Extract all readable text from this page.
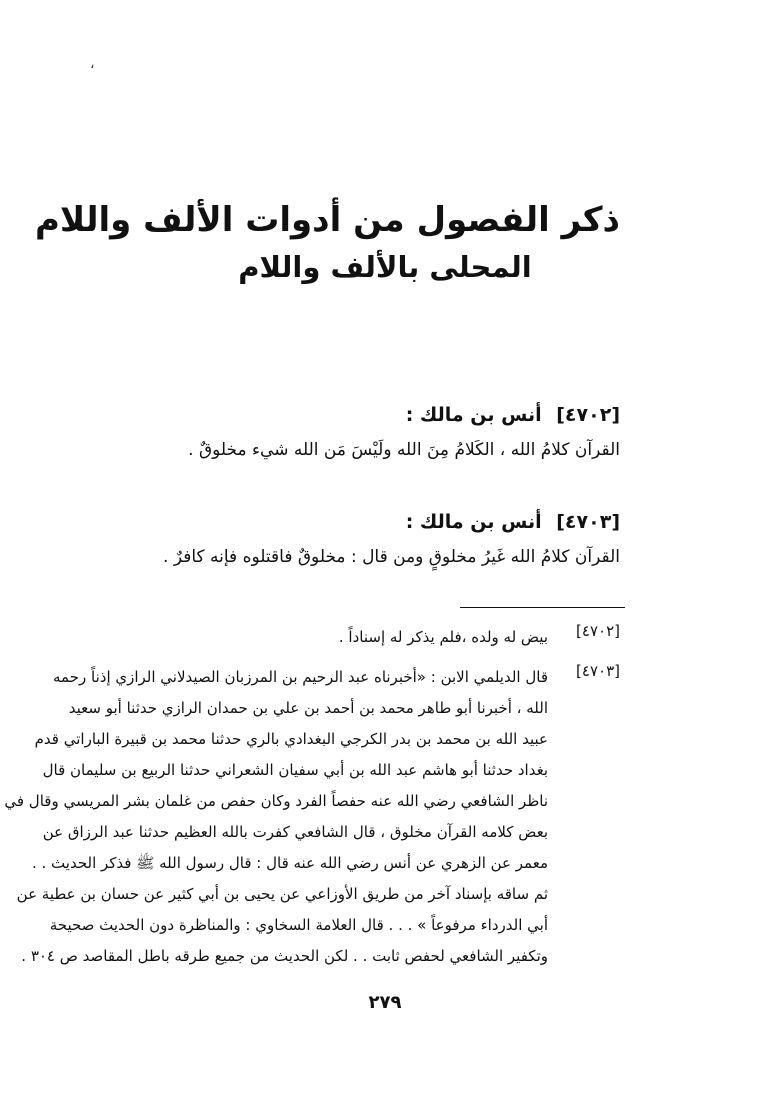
،
ذكر الفصول من أدوات الألف واللام
المحلى بالألف واللام
[٤٧٠٢] أنس بن مالك :
القرآن كلامُ الله ، الكَلامُ مِنَ الله ولَيْسَ مَن الله شيء مخلوقٌ .
[٤٧٠٣] أنس بن مالك :
القرآن كلامُ الله غَيرُ مخلوقٍ ومن قال : مخلوقٌ فاقتلوه فإنه كافرٌ .
[٤٧٠٢]
بيض له ولده ،فلم يذكر له إسناداً .
[٤٧٠٣]
قال الديلمي الابن : «أخبرناه عبد الرحيم بن المرزبان الصيدلاني الرازي إذناً رحمه
الله ، أخبرنا أبو طاهر محمد بن أحمد بن علي بن حمدان الرازي حدثنا أبو سعيد
عبيد الله بن محمد بن بدر الكرجي البغدادي بالري حدثنا محمد بن قبيرة الباراتي قدم
بغداد حدثنا أبو هاشم عبد الله بن أبي سفيان الشعراني حدثنا الربيع بن سليمان قال
ناظر الشافعي رضي الله عنه حفصاً الفرد وكان حفص من غلمان بشر المريسي وقال في
بعض كلامه القرآن مخلوق ، قال الشافعي كفرت بالله العظيم حدثنا عبد الرزاق عن
معمر عن الزهري عن أنس رضي الله عنه قال : قال رسول الله ﷺ فذكر الحديث . .
ثم ساقه بإسناد آخر من طريق الأوزاعي عن يحيى بن أبي كثير عن حسان بن عطية عن
أبي الدرداء مرفوعاً » . . . قال العلامة السخاوي : والمناظرة دون الحديث صحيحة
وتكفير الشافعي لحفص ثابت . . لكن الحديث من جميع طرقه باطل المقاصد ص ٣٠٤ .
٢٧٩
